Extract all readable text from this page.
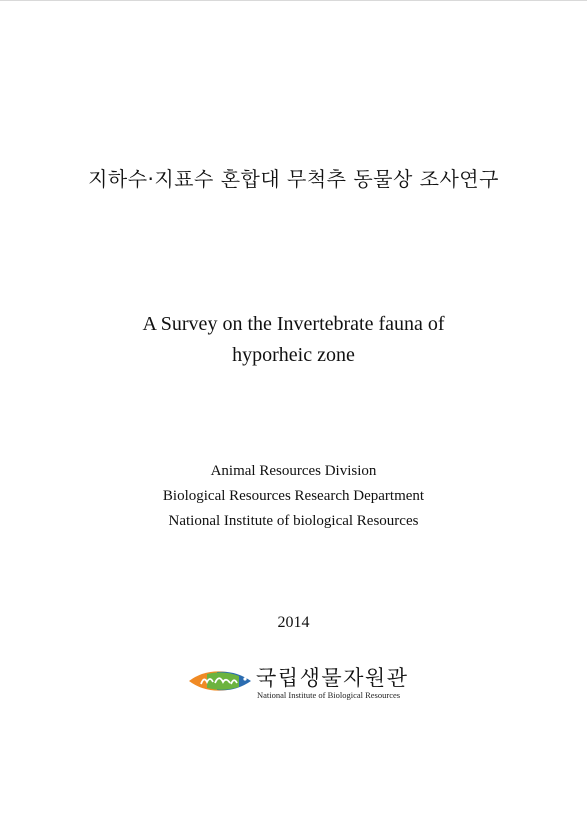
지하수·지표수 혼합대 무척추 동물상 조사연구
A Survey on the Invertebrate fauna of
hyporheic zone
Animal Resources Division
Biological Resources Research Department
National Institute of biological Resources
2014
국립생물자원관
National Institute of Biological Resources
